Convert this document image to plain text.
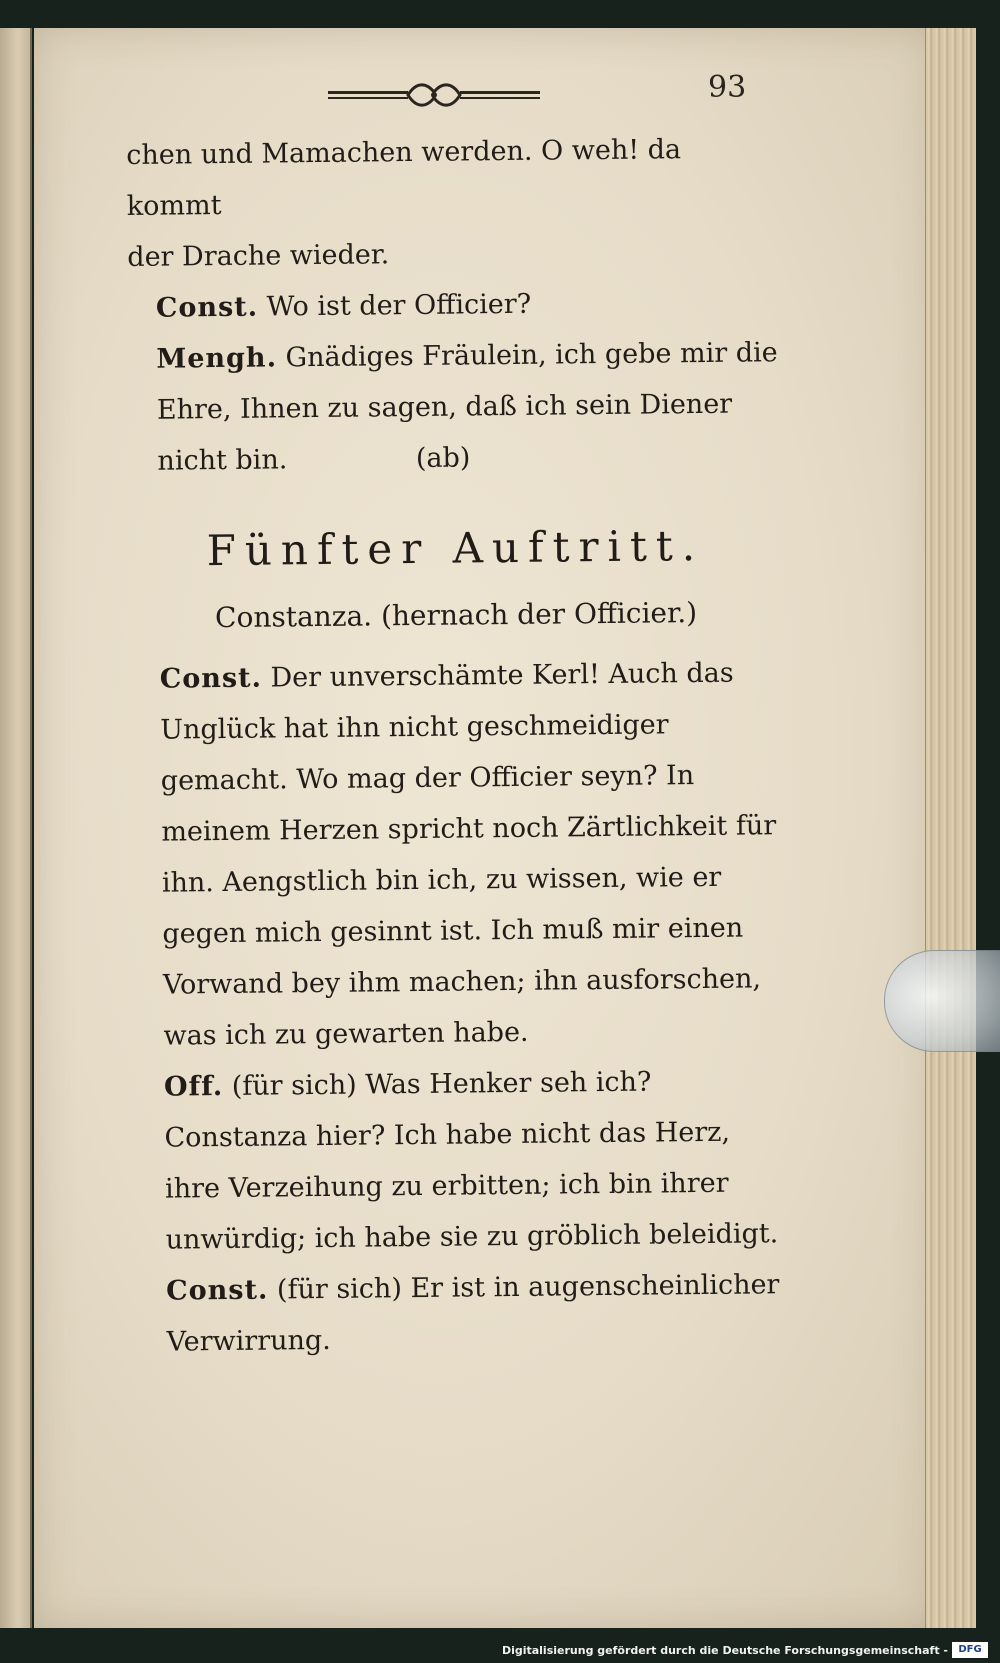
93
chen und Mamachen werden. O weh! da kommt
der Drache wieder.
Const. Wo ist der Officier?
Mengh. Gnädiges Fräulein, ich gebe mir die Ehre, Ihnen zu sagen, daß ich sein Diener nicht bin.	(ab)
Fünfter Auftritt.
Constanza. (hernach der Officier.)
Const. Der unverschämte Kerl! Auch das Unglück hat ihn nicht geschmeidiger gemacht. Wo mag der Officier seyn? In meinem Herzen spricht noch Zärtlichkeit für ihn. Aengstlich bin ich, zu wissen, wie er gegen mich gesinnt ist. Ich muß mir einen Vorwand bey ihm machen; ihn ausforschen, was ich zu gewarten habe.
Off. (für sich) Was Henker seh ich? Constanza hier? Ich habe nicht das Herz, ihre Verzeihung zu erbitten; ich bin ihrer unwürdig; ich habe sie zu gröblich beleidigt.
Const. (für sich) Er ist in augenscheinlicher Verwirrung.
Digitalisierung gefördert durch die Deutsche Forschungsgemeinschaft -	DFG
